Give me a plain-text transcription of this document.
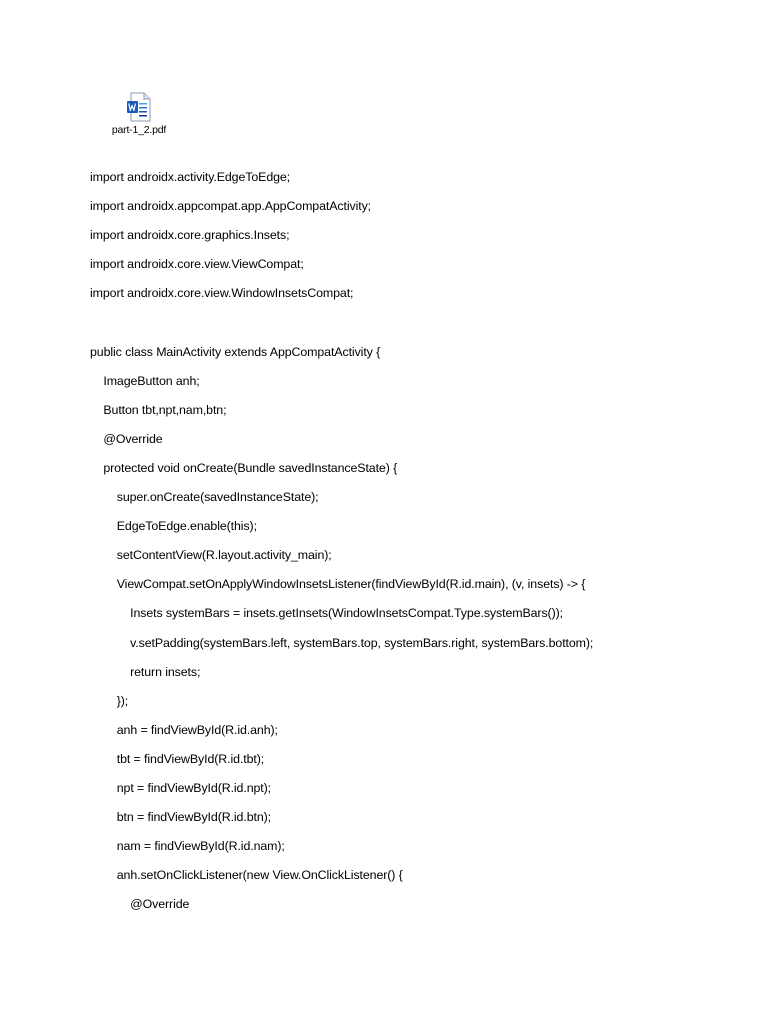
part-1_2.pdf
import androidx.activity.EdgeToEdge;
import androidx.appcompat.app.AppCompatActivity;
import androidx.core.graphics.Insets;
import androidx.core.view.ViewCompat;
import androidx.core.view.WindowInsetsCompat;
public class MainActivity extends AppCompatActivity {
ImageButton anh;
Button tbt,npt,nam,btn;
@Override
protected void onCreate(Bundle savedInstanceState) {
super.onCreate(savedInstanceState);
EdgeToEdge.enable(this);
setContentView(R.layout.activity_main);
ViewCompat.setOnApplyWindowInsetsListener(findViewById(R.id.main), (v, insets) -> {
Insets systemBars = insets.getInsets(WindowInsetsCompat.Type.systemBars());
v.setPadding(systemBars.left, systemBars.top, systemBars.right, systemBars.bottom);
return insets;
});
anh = findViewById(R.id.anh);
tbt = findViewById(R.id.tbt);
npt = findViewById(R.id.npt);
btn = findViewById(R.id.btn);
nam = findViewById(R.id.nam);
anh.setOnClickListener(new View.OnClickListener() {
@Override
